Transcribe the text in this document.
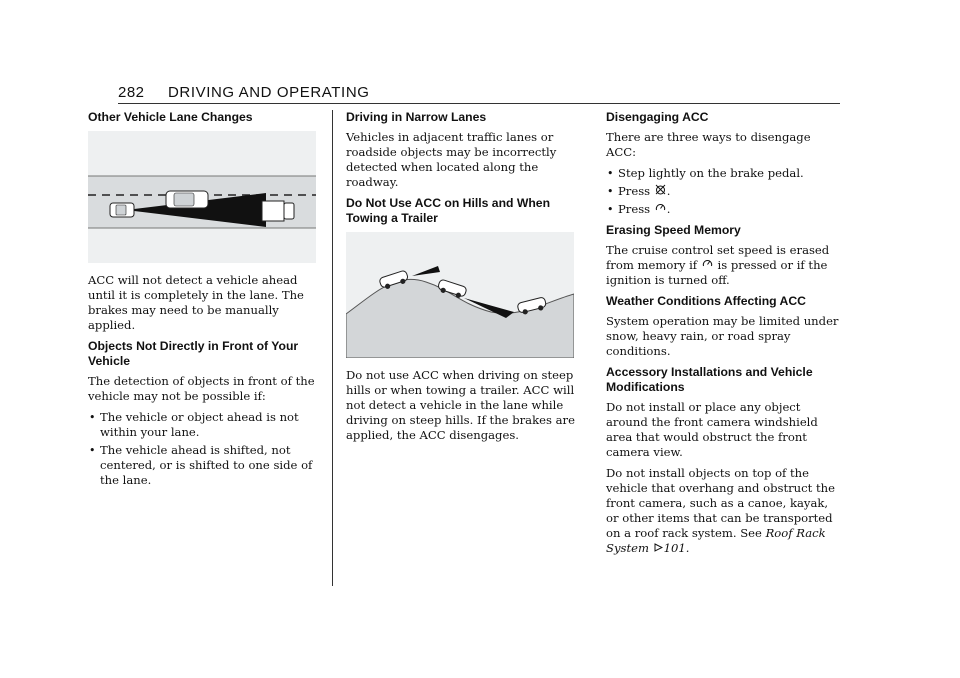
282 DRIVING AND OPERATING
Other Vehicle Lane Changes

ACC will not detect a vehicle ahead until it is completely in the lane. The brakes may need to be manually applied.

Objects Not Directly in Front of Your Vehicle

The detection of objects in front of the vehicle may not be possible if:

• The vehicle or object ahead is not within your lane.
• The vehicle ahead is shifted, not centered, or is shifted to one side of the lane.
Driving in Narrow Lanes

Vehicles in adjacent traffic lanes or roadside objects may be incorrectly detected when located along the roadway.

Do Not Use ACC on Hills and When Towing a Trailer

Do not use ACC when driving on steep hills or when towing a trailer. ACC will not detect a vehicle in the lane while driving on steep hills. If the brakes are applied, the ACC disengages.

Disengaging ACC

There are three ways to disengage ACC:

• Step lightly on the brake pedal.
• Press .
• Press .
Erasing Speed Memory

The cruise control set speed is erased from memory if is pressed or if the ignition is turned off.

Weather Conditions Affecting ACC

System operation may be limited under snow, heavy rain, or road spray conditions.

Accessory Installations and Vehicle Modifications

Do not install or place any object around the front camera windshield area that would obstruct the front camera view.

Do not install objects on top of the vehicle that overhang and obstruct the front camera, such as a canoe, kayak, or other items that can be transported on a roof rack system. See Roof Rack System 101.
